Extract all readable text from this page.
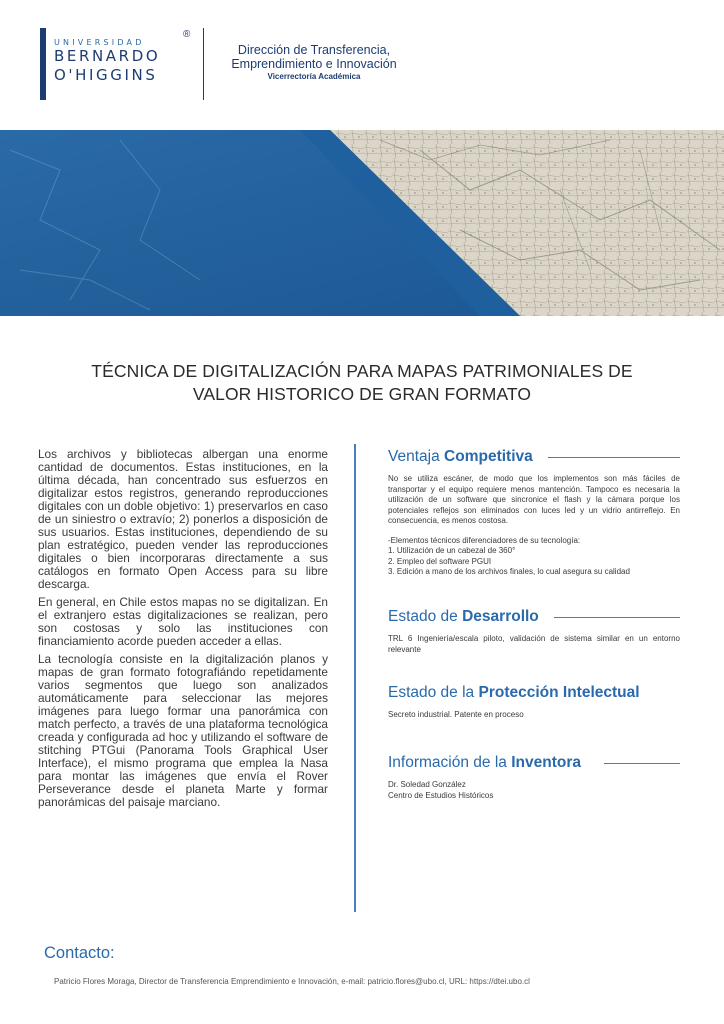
UNIVERSIDAD
BERNARDO
O'HIGGINS
®
Dirección de Transferencia,
Emprendimiento e Innovación
Vicerrectoría Académica
TÉCNICA DE DIGITALIZACIÓN PARA MAPAS PATRIMONIALES DE
VALOR HISTORICO DE GRAN FORMATO

Los archivos y bibliotecas albergan una enorme cantidad de documentos. Estas instituciones, en la última década, han concentrado sus esfuerzos en digitalizar estos registros, generando reproducciones digitales con un doble objetivo: 1) preservarlos en caso de un siniestro o extravío; 2) ponerlos a disposición de sus usuarios. Estas instituciones, dependiendo de su plan estratégico, pueden vender las reproducciones digitales o bien incorporaras directamente a sus catálogos en formato Open Access para su libre descarga.

En general, en Chile estos mapas no se digitalizan. En el extranjero estas digitalizaciones se realizan, pero son costosas y solo las instituciones con financiamiento acorde pueden acceder a ellas.

La tecnología consiste en la digitalización planos y mapas de gran formato fotografiándo repetidamente varios segmentos que luego son analizados automáticamente para seleccionar las mejores imágenes para luego formar una panorámica con match perfecto, a través de una plataforma tecnológica creada y configurada ad hoc y utilizando el software de stitching PTGui (Panorama Tools Graphical User Interface), el mismo programa que emplea la Nasa para montar las imágenes que envía el Rover Perseverance desde el planeta Marte y formar panorámicas del paisaje marciano.

Ventaja Competitiva

No se utiliza escáner, de modo que los implementos son más fáciles de transportar y el equipo requiere menos mantención. Tampoco es necesaria la utilización de un software que sincronice el flash y la cámara porque los potenciales reflejos son eliminados con luces led y un vidrio antirreflejo. En consecuencia, es menos costosa.

-Elementos técnicos diferenciadores de su tecnología:

1. Utilización de un cabezal de 360°

2. Empleo del software PGUI

3. Edición a mano de los archivos finales, lo cual asegura su calidad

Estado de Desarrollo

TRL 6 Ingeniería/escala piloto, validación de sistema similar en un entorno relevante

Estado de la Protección Intelectual

Secreto industrial. Patente en proceso

Información de la Inventora

Dr. Soledad González

Centro de Estudios Históricos

Contacto:
Patricio Flores Moraga, Director de Transferencia Emprendimiento e Innovación, e-mail: patricio.flores@ubo.cl, URL: https://dtei.ubo.cl
